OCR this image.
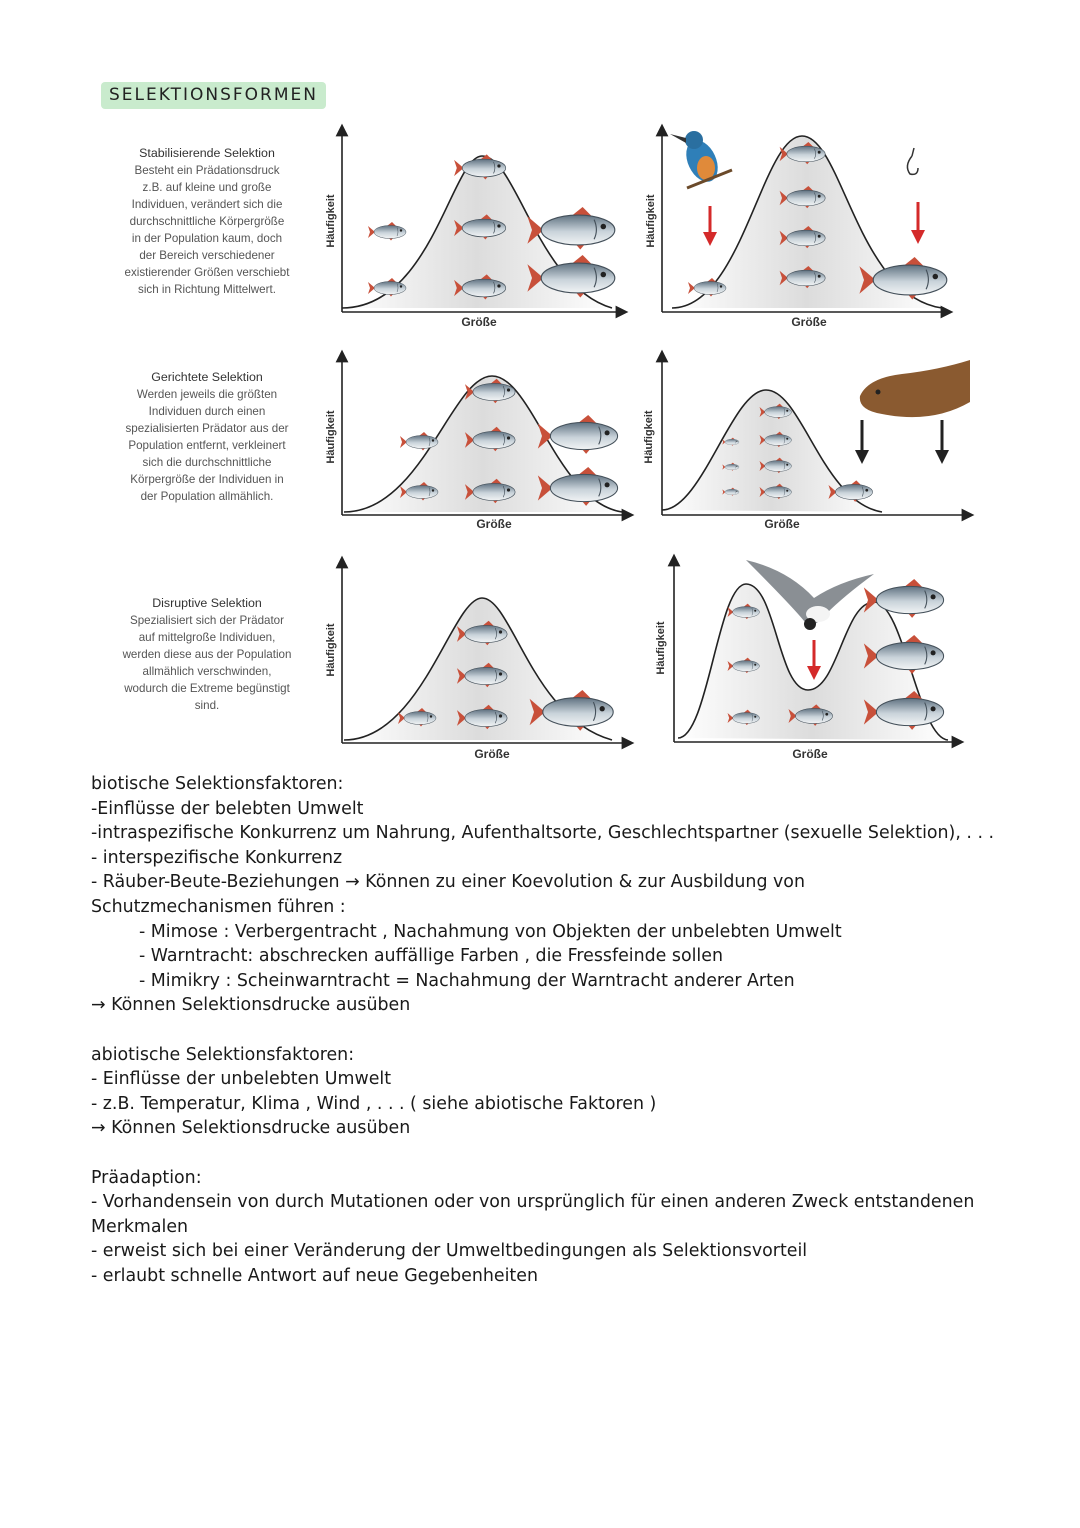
SELEKTIONSFORMEN
Stabilisierende Selektion
Besteht ein Prädationsdruck
z.B. auf kleine und große
Individuen, verändert sich die
durchschnittliche Körpergröße
in der Population kaum, doch
der Bereich verschiedener
existierender Größen verschiebt
sich in Richtung Mittelwert.
Gerichtete Selektion
Werden jeweils die größten
Individuen durch einen
spezialisierten Prädator aus der
Population entfernt, verkleinert
sich die durchschnittliche
Körpergröße der Individuen in
der Population allmählich.
Disruptive Selektion
Spezialisiert sich der Prädator
auf mittelgroße Individuen,
werden diese aus der Population
allmählich verschwinden,
wodurch die Extreme begünstigt
sind.
Häufigkeit
Größe
Häufigkeit
Größe
Häufigkeit
Größe
Häufigkeit
Größe
Häufigkeit
Größe
Häufigkeit
Größe

biotische Selektionsfaktoren:

-Einflüsse der belebten Umwelt

-intraspezifische Konkurrenz um Nahrung, Aufenthaltsorte, Geschlechtspartner (sexuelle Selektion), . . .

- interspezifische Konkurrenz

- Räuber-Beute-Beziehungen → Können zu einer Koevolution & zur Ausbildung von

Schutzmechanismen führen :

- Mimose : Verbergentracht , Nachahmung von Objekten der unbelebten Umwelt

- Warntracht: abschrecken auffällige Farben , die Fressfeinde sollen

- Mimikry : Scheinwarntracht = Nachahmung der Warntracht anderer Arten

→ Können Selektionsdrucke ausüben

abiotische Selektionsfaktoren:

- Einflüsse der unbelebten Umwelt

- z.B. Temperatur, Klima , Wind , . . . ( siehe abiotische Faktoren )

→ Können Selektionsdrucke ausüben

Präadaption:

- Vorhandensein von durch Mutationen oder von ursprünglich für einen anderen Zweck entstandenen Merkmalen

- erweist sich bei einer Veränderung der Umweltbedingungen als Selektionsvorteil

- erlaubt schnelle Antwort auf neue Gegebenheiten
